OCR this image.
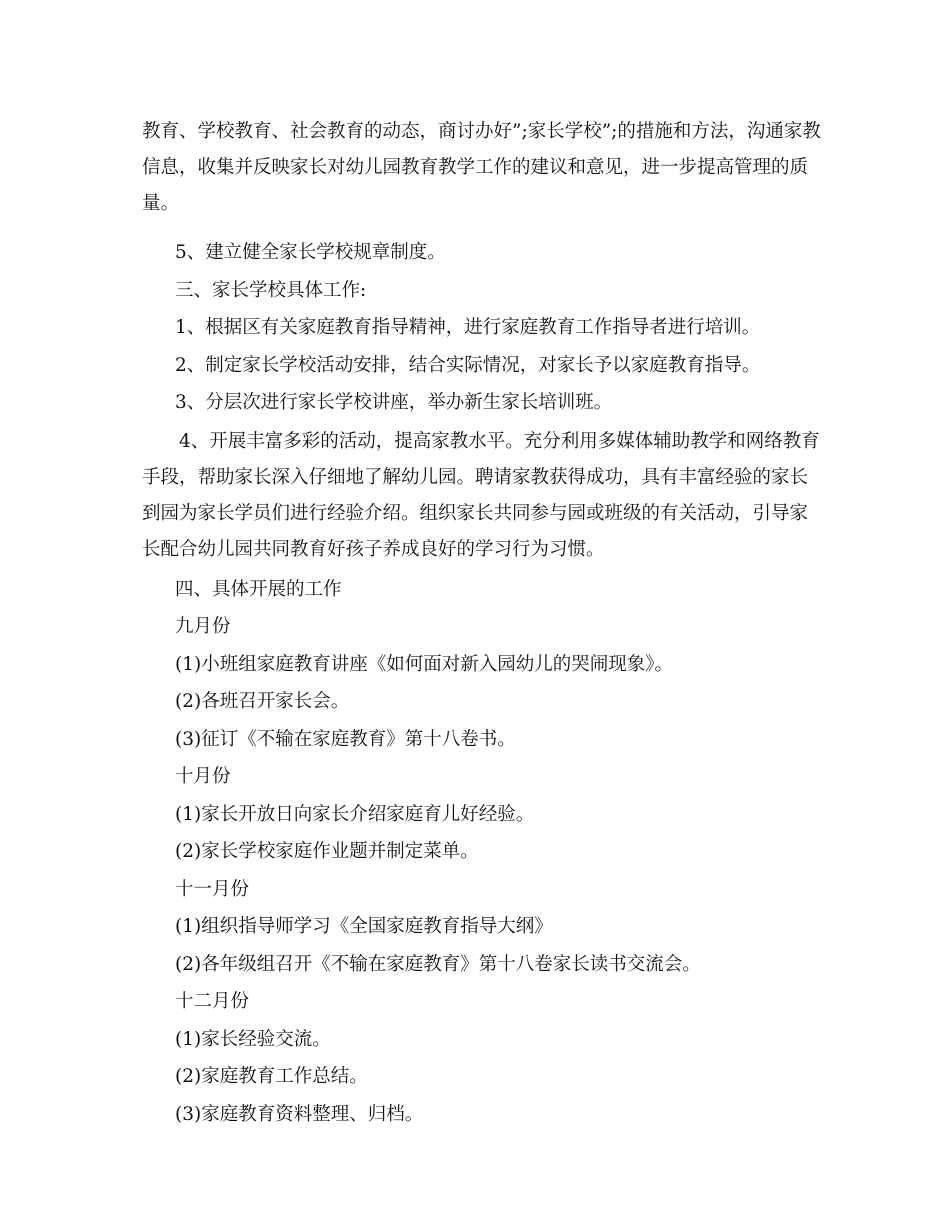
教育、学校教育、社会教育的动态，商讨办好”;家长学校”;的措施和方法，沟通家教信息，收集并反映家长对幼儿园教育教学工作的建议和意见，进一步提高管理的质量。

5、建立健全家长学校规章制度。
三、家长学校具体工作:
1、根据区有关家庭教育指导精神，进行家庭教育工作指导者进行培训。
2、制定家长学校活动安排，结合实际情况，对家长予以家庭教育指导。
3、分层次进行家长学校讲座，举办新生家长培训班。

4、开展丰富多彩的活动，提高家教水平。充分利用多媒体辅助教学和网络教育手段，帮助家长深入仔细地了解幼儿园。聘请家教获得成功，具有丰富经验的家长到园为家长学员们进行经验介绍。组织家长共同参与园或班级的有关活动，引导家长配合幼儿园共同教育好孩子养成良好的学习行为习惯。

四、具体开展的工作
九月份
(1)小班组家庭教育讲座《如何面对新入园幼儿的哭闹现象》。
(2)各班召开家长会。
(3)征订《不输在家庭教育》第十八卷书。
十月份
(1)家长开放日向家长介绍家庭育儿好经验。
(2)家长学校家庭作业题并制定菜单。
十一月份
(1)组织指导师学习《全国家庭教育指导大纲》
(2)各年级组召开《不输在家庭教育》第十八卷家长读书交流会。
十二月份
(1)家长经验交流。
(2)家庭教育工作总结。
(3)家庭教育资料整理、归档。
